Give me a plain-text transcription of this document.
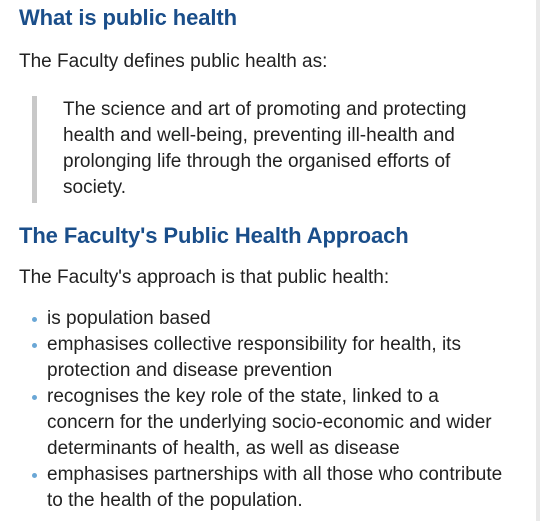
What is public health

The Faculty defines public health as:

The science and art of promoting and protecting health and well-being, preventing ill-health and prolonging life through the organised efforts of society.
The Faculty's Public Health Approach

The Faculty's approach is that public health:

is population based
emphasises collective responsibility for health, its protection and disease prevention
recognises the key role of the state, linked to a concern for the underlying socio-economic and wider determinants of health, as well as disease
emphasises partnerships with all those who contribute to the health of the population.
